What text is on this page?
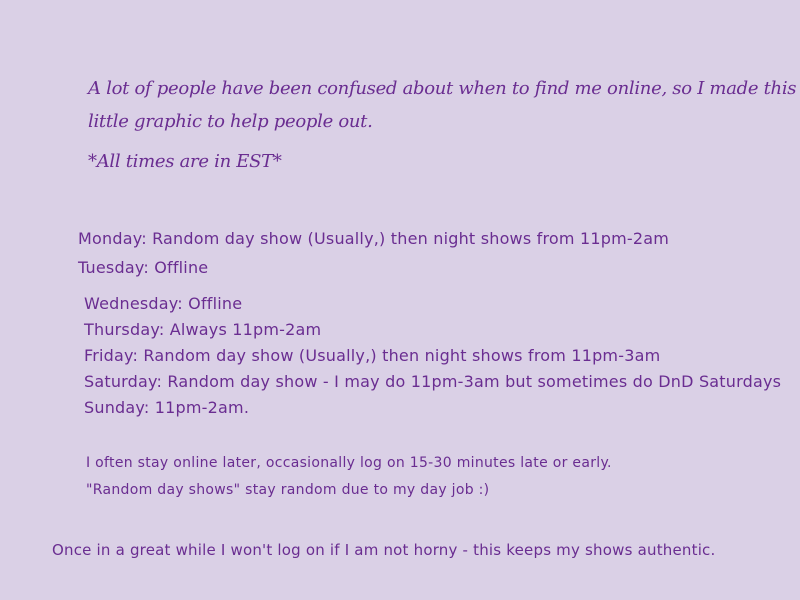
A lot of people have been confused about when to find me online, so I made this
little graphic to help people out.
*All times are in EST*
Monday: Random day show (Usually,) then night shows from 11pm-2am
Tuesday: Offline
Wednesday: Offline
Thursday: Always 11pm-2am
Friday: Random day show (Usually,) then night shows from 11pm-3am
Saturday: Random day show - I may do 11pm-3am but sometimes do DnD Saturdays
Sunday: 11pm-2am.
I often stay online later, occasionally log on 15-30 minutes late or early.
"Random day shows" stay random due to my day job :)
Once in a great while I won't log on if I am not horny - this keeps my shows authentic.
